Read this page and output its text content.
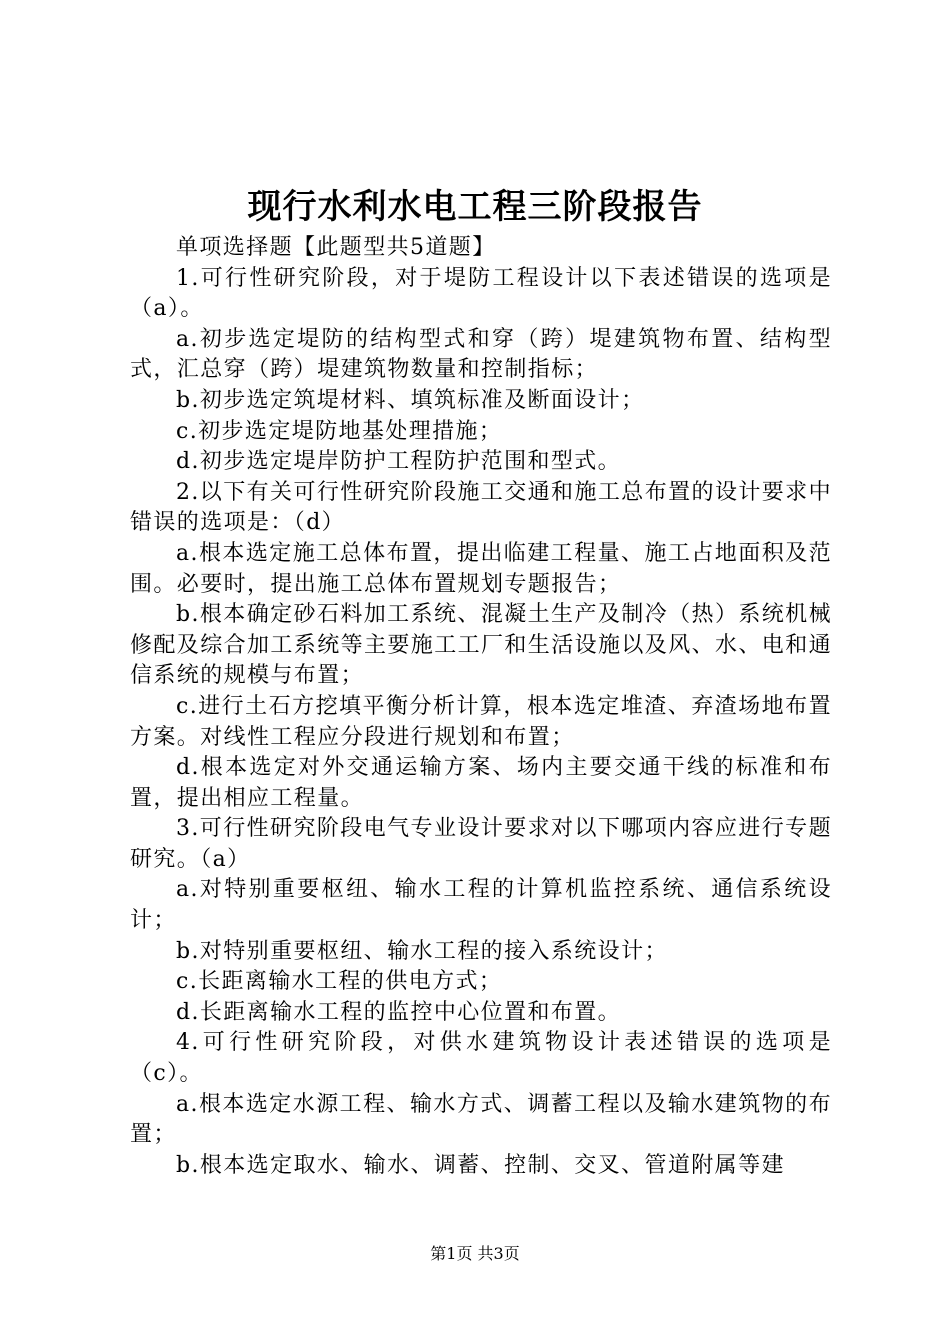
现行水利水电工程三阶段报告

单项选择题【此题型共5道题】

1.可行性研究阶段，对于堤防工程设计以下表述错误的选项是（a）。

a.初步选定堤防的结构型式和穿（跨）堤建筑物布置、结构型式，汇总穿（跨）堤建筑物数量和控制指标；

b.初步选定筑堤材料、填筑标准及断面设计；

c.初步选定堤防地基处理措施；

d.初步选定堤岸防护工程防护范围和型式。

2.以下有关可行性研究阶段施工交通和施工总布置的设计要求中错误的选项是：（d）

a.根本选定施工总体布置，提出临建工程量、施工占地面积及范围。必要时，提出施工总体布置规划专题报告；

b.根本确定砂石料加工系统、混凝土生产及制冷（热）系统机械修配及综合加工系统等主要施工工厂和生活设施以及风、水、电和通信系统的规模与布置；

c.进行土石方挖填平衡分析计算，根本选定堆渣、弃渣场地布置方案。对线性工程应分段进行规划和布置；

d.根本选定对外交通运输方案、场内主要交通干线的标准和布置，提出相应工程量。

3.可行性研究阶段电气专业设计要求对以下哪项内容应进行专题研究。（a）

a.对特别重要枢纽、输水工程的计算机监控系统、通信系统设计；

b.对特别重要枢纽、输水工程的接入系统设计；

c.长距离输水工程的供电方式；

d.长距离输水工程的监控中心位置和布置。

4.可行性研究阶段，对供水建筑物设计表述错误的选项是（c）。

a.根本选定水源工程、输水方式、调蓄工程以及输水建筑物的布置；

b.根本选定取水、输水、调蓄、控制、交叉、管道附属等建

第1页 共3页
